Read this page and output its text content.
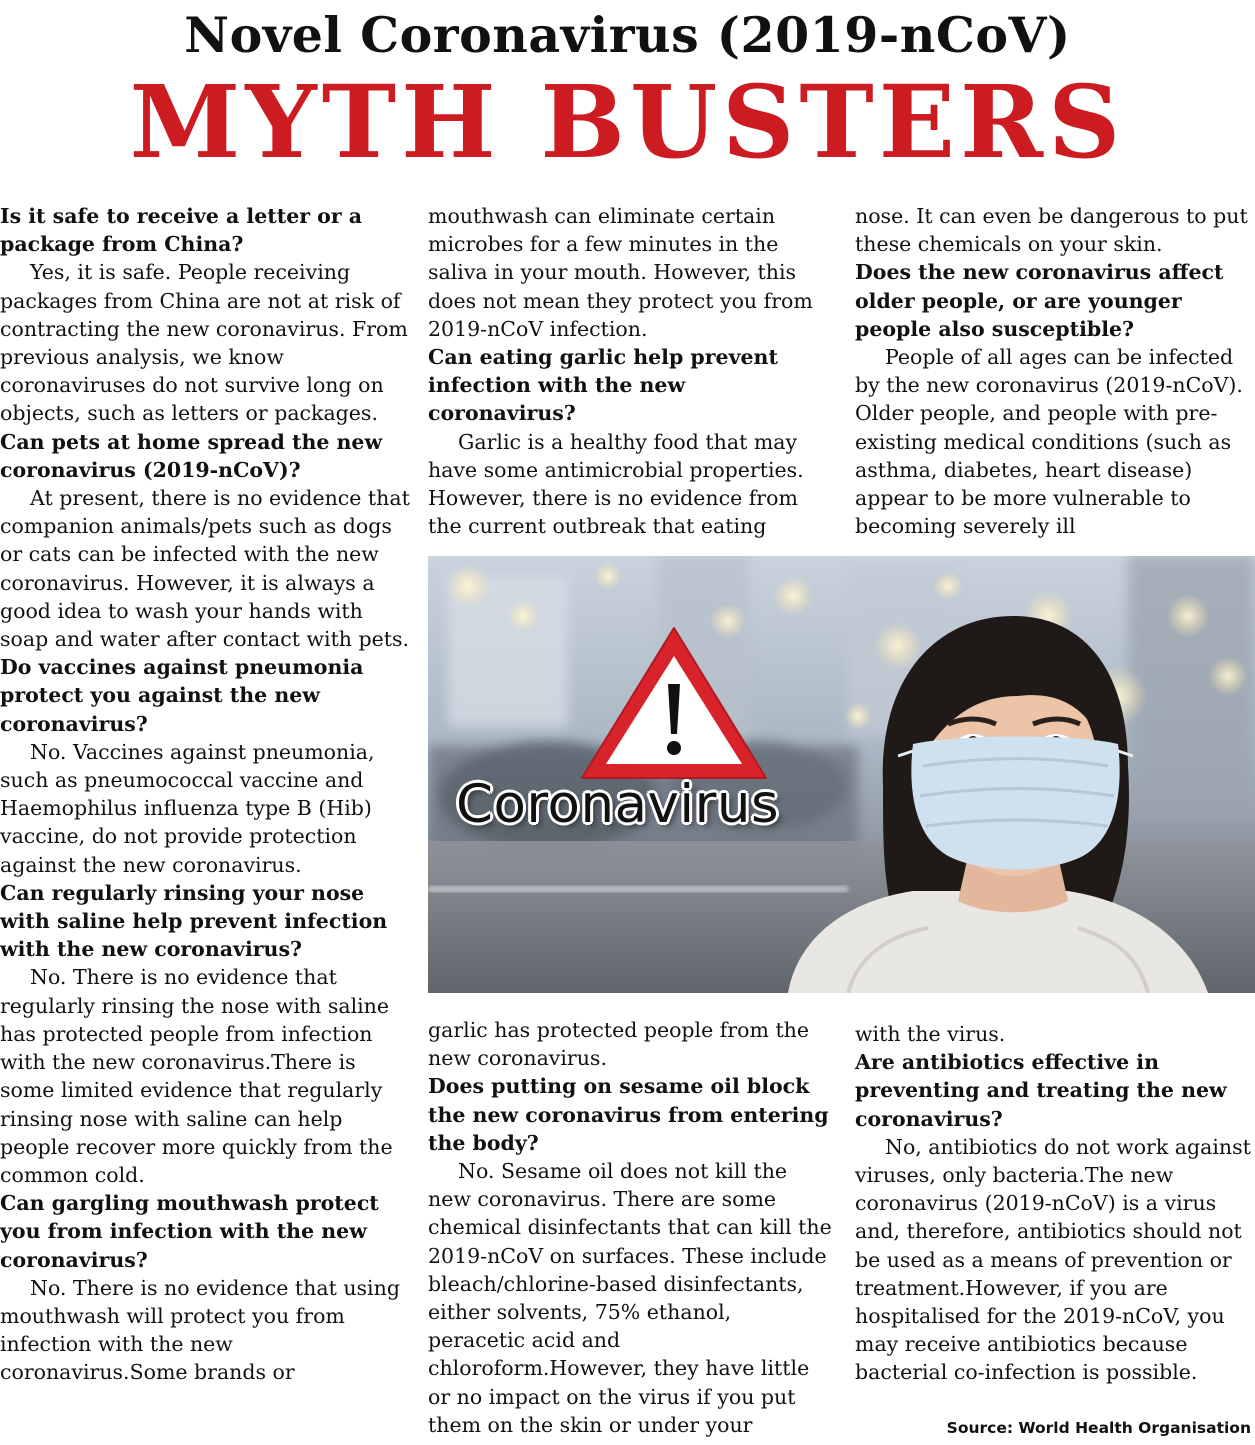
Novel Coronavirus (2019-nCoV)
MYTH BUSTERS

Is it safe to receive a letter or a package from China?

Yes, it is safe. People receiving packages from China are not at risk of contracting the new coronavirus. From previous analysis, we know coronaviruses do not survive long on objects, such as letters or packages.

Can pets at home spread the new coronavirus (2019-nCoV)?

At present, there is no evidence that companion animals/pets such as dogs or cats can be infected with the new coronavirus. However, it is always a good idea to wash your hands with soap and water after contact with pets.

Do vaccines against pneumonia protect you against the new coronavirus?

No. Vaccines against pneumonia, such as pneumococcal vaccine and Haemophilus influenza type B (Hib) vaccine, do not provide protection against the new coronavirus.

Can regularly rinsing your nose with saline help prevent infection with the new coronavirus?

No. There is no evidence that regularly rinsing the nose with saline has protected people from infection with the new coronavirus.There is some limited evidence that regularly rinsing nose with saline can help people recover more quickly from the common cold.

Can gargling mouthwash protect you from infection with the new coronavirus?

No. There is no evidence that using mouthwash will protect you from infection with the new coronavirus.Some brands or

mouthwash can eliminate certain microbes for a few minutes in the saliva in your mouth. However, this does not mean they protect you from 2019-nCoV infection.

Can eating garlic help prevent infection with the new coronavirus?

Garlic is a healthy food that may have some antimicrobial properties. However, there is no evidence from the current outbreak that eating

nose. It can even be dangerous to put these chemicals on your skin.

Does the new coronavirus affect older people, or are younger people also susceptible?

People of all ages can be infected by the new coronavirus (2019-nCoV). Older people, and people with pre-existing medical conditions (such as asthma, diabetes, heart disease) appear to be more vulnerable to becoming severely ill

Coronavirus

garlic has protected people from the new coronavirus.

Does putting on sesame oil block the new coronavirus from entering the body?

No. Sesame oil does not kill the new coronavirus. There are some chemical disinfectants that can kill the 2019-nCoV on surfaces. These include bleach/chlorine-based disinfectants, either solvents, 75% ethanol, peracetic acid and chloroform.However, they have little or no impact on the virus if you put them on the skin or under your

with the virus.

Are antibiotics effective in preventing and treating the new coronavirus?

No, antibiotics do not work against viruses, only bacteria.The new coronavirus (2019-nCoV) is a virus and, therefore, antibiotics should not be used as a means of prevention or treatment.However, if you are hospitalised for the 2019-nCoV, you may receive antibiotics because bacterial co-infection is possible.

Source: World Health Organisation
